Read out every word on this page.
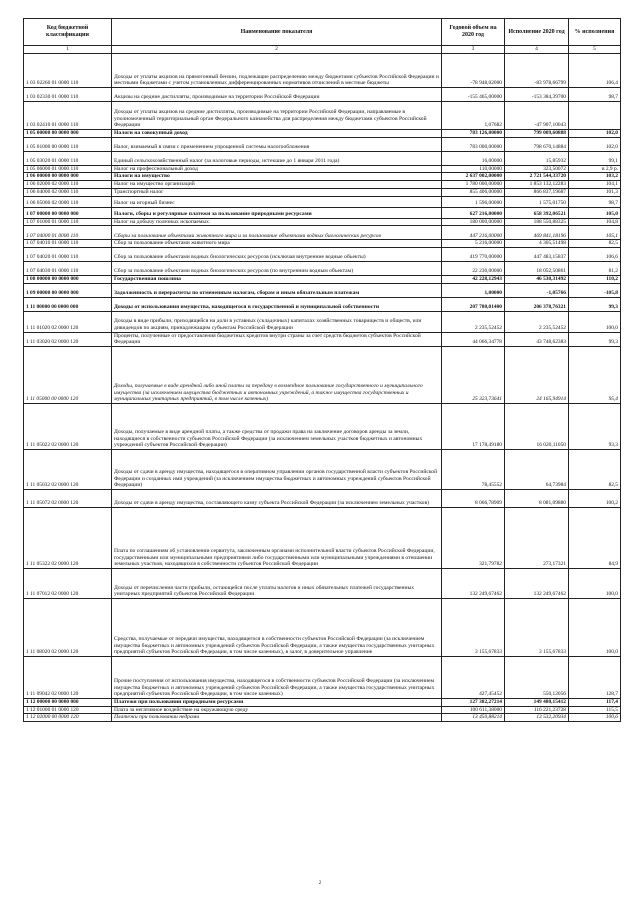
Код бюджетной классификации	Наименование показателя	Годовой объем на 2020 год	Исполнение 2020 год	% исполнения
1	2	3	4	5
1 03 02260 01 0000 110	Доходы от уплаты акцизов на прямогонный бензин, подлежащие распределению между бюджетами субъектов Российской Федерации и местными бюджетами с учетом установленных дифференцированных нормативов отчислений в местные бюджеты	-78 948,02000	-83 978,66799	106,4
1 03 02330 01 0000 110	Акцизы на средние дистилляты, производимые на территории Российской Федерации	-155 465,00000	-153 384,39700	98,7
1 03 02410 01 0000 110	Доходы от уплаты акцизов на средние дистилляты, производимые на территории Российской Федерации, направляемые в уполномоченный территориальный орган Федерального казначейства для распределения между бюджетами субъектов Российской Федерации	1,07682	-47 907,10043	
1 05 00000 00 0000 000	Налоги на совокупный доход	783 126,00000	799 009,60888	102,0
1 05 01000 00 0000 110	Налог, взимаемый в связи с применением упрощенной системы налогообложения	783 000,00000	798 670,14884	102,0
1 05 03020 01 0000 110	Единый сельскохозяйственный налог (за налоговые периоды, истекшие до 1 января 2011 года)	16,00000	15,85932	99,1
1 05 06000 01 0000 110	Налог на профессиональный доход	110,00000	323,50072	в 2,9 р.
1 06 00000 00 0000 000	Налоги на имущество	2 637 002,00000	2 721 544,33720	103,2
1 06 02000 02 0000 110	Налог на имущество организаций	1 780 000,00000	1 853 132,12283	104,1
1 06 04000 02 0000 110	Транспортный налог	855 406,00000	866 837,19687	101,3
1 06 05000 02 0000 110	Налог на игорный бизнес	1 596,00000	1 575,01750	98,7
1 07 00000 00 0000 000	Налоги, сборы и регулярные платежи за пользование природными ресурсами	627 216,00000	658 392,06521	105,0
1 07 01000 01 0000 110	Налог на добычу полезных ископаемых	180 000,00000	188 550,88325	104,8
1 07 04000 01 0000 110	Сборы за пользование объектами животного мира и за пользование объектами водных биологических ресурсов	447 216,00000	469 841,18196	105,1
1 07 04010 01 0000 110	Сбор за пользование объектами животного мира	5 216,00000	4 305,51498	82,5
1 07 04020 01 0000 110	Сбор за пользование объектами водных биологических ресурсов (исключая внутренние водные объекты)	419 770,00000	447 483,15837	106,6
1 07 04030 01 0000 110	Сбор за пользование объектами водных биологических ресурсов (по внутренним водным объектам)	22 230,00000	18 052,50861	81,2
1 08 00000 00 0000 000	Государственная пошлина	42 228,12943	46 530,31492	110,2
1 09 00000 00 0000 000	Задолженность и перерасчеты по отмененным налогам, сборам и иным обязательным платежам	1,00000	-1,05766	-105,8
1 11 00000 00 0000 000	Доходы от использования имущества, находящегося в государственной и муниципальной собственности	207 780,01400	206 378,76321	99,3
1 11 01020 02 0000 120	Доходы в виде прибыли, приходящейся на доли в уставных (складочных) капиталах хозяйственных товариществ и обществ, или дивидендов по акциям, принадлежащим субъектам Российской Федерации	2 235,52452	2 235,52452	100,0
1 11 03020 02 0000 120	Проценты, полученные от предоставления бюджетных кредитов внутри страны за счет средств бюджетов субъектов Российской Федерации	44 066,34778	43 748,62383	99,3
1 11 05000 00 0000 120	Доходы, получаемые в виде арендной либо иной платы за передачу в возмездное пользование государственного и муниципального имущества (за исключением имущества бюджетных и автономных учреждений, а также имущества государственных и муниципальных унитарных предприятий, в том числе казенных)	25 323,73641	24 165,94914	95,4
1 11 05022 02 0000 120	Доходы, получаемые в виде арендной платы, а также средства от продажи права на заключение договоров аренды за земли, находящиеся в собственности субъектов Российской Федерации (за исключением земельных участков бюджетных и автономных учреждений субъектов Российской Федерации)	17 178,49180	16 020,11050	93,3
1 11 05032 02 0000 120	Доходы от сдачи в аренду имущества, находящегося в оперативном управлении органов государственной власти субъектов Российской Федерации и созданных ими учреждений (за исключением имущества бюджетных и автономных учреждений субъектов Российской Федерации)	78,45552	64,73984	82,5
1 11 05072 02 0000 120	Доходы от сдачи в аренду имущества, составляющего казну субъекта Российской Федерации (за исключением земельных участков)	8 066,78909	8 081,09880	100,2
1 11 05322 02 0000 120	Плата по соглашениям об установлении сервитута, заключенным органами исполнительной власти субъектов Российской Федерации, государственными или муниципальными предприятиями либо государственными или муниципальными учреждениями в отношении земельных участков, находящихся в собственности субъектов Российской Федерации	321,79782	273,17321	84,9
1 11 07012 02 0000 120	Доходы от перечисления части прибыли, остающейся после уплаты налогов и иных обязательных платежей государственных унитарных предприятий субъектов Российской Федерации	132 249,67462	132 249,67462	100,0
1 11 08020 02 0000 120	Средства, получаемые от передачи имущества, находящегося в собственности субъектов Российской Федерации (за исключением имущества бюджетных и автономных учреждений субъектов Российской Федерации, а также имущества государственных унитарных предприятий субъектов Российской Федерации, в том числе казенных), в залог, в доверительное управление	3 155,67833	3 155,67833	100,0
1 11 09042 02 0000 120	Прочие поступления от использования имущества, находящегося в собственности субъектов Российской Федерации (за исключением имущества бюджетных и автономных учреждений субъектов Российской Федерации, а также имущества государственных унитарных предприятий субъектов Российской Федерации, в том числе казенных)	427,45452	550,12056	128,7
1 12 00000 00 0000 000	Платежи при пользовании природными ресурсами	127 382,27214	149 480,15412	117,4
1 12 01000 01 0000 120	Плата за негативное воздействие на окружающую среду	100 611,38000	116 221,23728	115,5
1 12 02000 00 0000 120	Платежи при пользовании недрами	13 450,88214	13 532,20934	100,6
2
